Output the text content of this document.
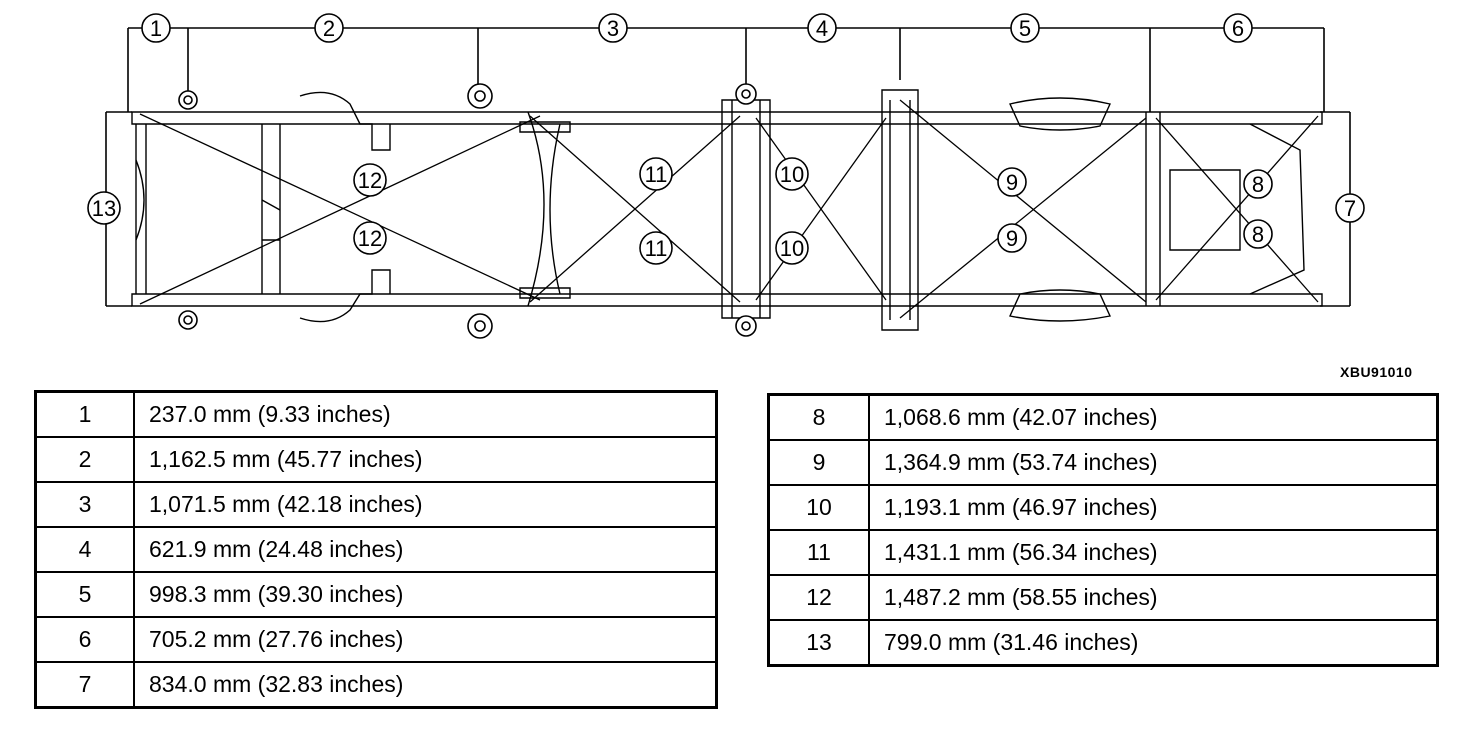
1	2	3	4	5	6
7
8
8
9
9
10
10
11
11
12
12
13
XBU91010
1	237.0 mm (9.33 inches)
2	1,162.5 mm (45.77 inches)
3	1,071.5 mm (42.18 inches)
4	621.9 mm (24.48 inches)
5	998.3 mm (39.30 inches)
6	705.2 mm (27.76 inches)
7	834.0 mm (32.83 inches)
8	1,068.6 mm (42.07 inches)
9	1,364.9 mm (53.74 inches)
10	1,193.1 mm (46.97 inches)
11	1,431.1 mm (56.34 inches)
12	1,487.2 mm (58.55 inches)
13	799.0 mm (31.46 inches)
